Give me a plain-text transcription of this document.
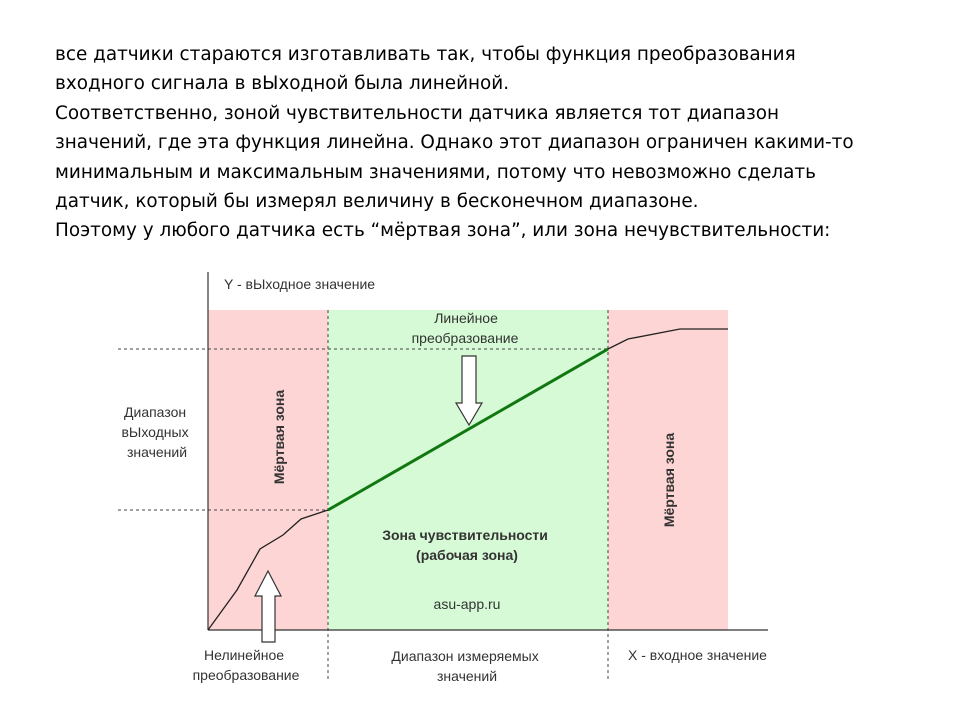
все датчики стараются изготавливать так, чтобы функция преобразования
входного сигнала в вЫходной была линейной.
Соответственно, зоной чувствительности датчика является тот диапазон
значений, где эта функция линейна. Однако этот диапазон ограничен какими-то
минимальным и максимальным значениями, потому что невозможно сделать
датчик, который бы измерял величину в бесконечном диапазоне.
Поэтому у любого датчика есть “мёртвая зона”, или зона нечувствительности:
Y - вЫходное значение
Диапазон вЫходных значений
Линейное преобразование
Мёртвая зона	Мёртвая зона
Зона чувствительности (рабочая зона)
asu-app.ru
Нелинейное преобразование
Диапазон измеряемых значений
X - входное значение
